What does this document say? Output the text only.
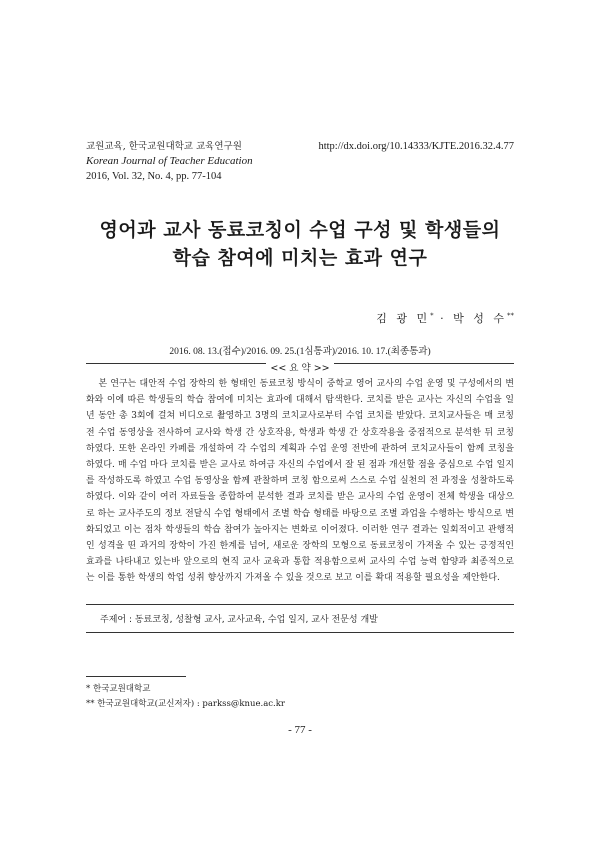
교원교육, 한국교원대학교 교육연구원
Korean Journal of Teacher Education
2016, Vol. 32, No. 4, pp. 77-104
http://dx.doi.org/10.14333/KJTE.2016.32.4.77
영어과 교사 동료코칭이 수업 구성 및 학생들의
학습 참여에 미치는 효과 연구
김 광 민* · 박 성 수**
2016. 08. 13.(접수)/2016. 09. 25.(1심통과)/2016. 10. 17.(최종통과)
<< 요 약 >>
본 연구는 대안적 수업 장학의 한 형태인 동료코칭 방식이 중학교 영어 교사의 수업 운영 및 구성에서의 변화와 이에 따른 학생들의 학습 참여에 미치는 효과에 대해서 탐색한다. 코치를 받은 교사는 자신의 수업을 일 년 동안 총 3회에 걸쳐 비디오로 촬영하고 3명의 코치교사로부터 수업 코치를 받았다. 코치교사들은 매 코칭 전 수업 동영상을 전사하여 교사와 학생 간 상호작용, 학생과 학생 간 상호작용을 중점적으로 분석한 뒤 코칭 하였다. 또한 온라인 카페를 개설하여 각 수업의 계획과 수업 운영 전반에 관하여 코치교사들이 함께 코칭을 하였다. 매 수업 마다 코치를 받은 교사로 하여금 자신의 수업에서 잘 된 점과 개선할 점을 중심으로 수업 일지를 작성하도록 하였고 수업 동영상을 함께 관찰하며 코칭 함으로써 스스로 수업 실천의 전 과정을 성찰하도록 하였다. 이와 같이 여러 자료들을 종합하여 분석한 결과 코치를 받은 교사의 수업 운영이 전체 학생을 대상으로 하는 교사주도의 정보 전달식 수업 형태에서 조별 학습 형태를 바탕으로 조별 과업을 수행하는 방식으로 변화되었고 이는 점차 학생들의 학습 참여가 높아지는 변화로 이어졌다. 이러한 연구 결과는 일회적이고 관행적인 성격을 띤 과거의 장학이 가진 한계를 넘어, 새로운 장학의 모형으로 동료코칭이 가져올 수 있는 긍정적인 효과를 나타내고 있는바 앞으로의 현직 교사 교육과 통합 적용함으로써 교사의 수업 능력 함양과 최종적으로는 이를 통한 학생의 학업 성취 향상까지 가져올 수 있을 것으로 보고 이를 확대 적용할 필요성을 제안한다.
주제어 : 동료코칭, 성찰형 교사, 교사교육, 수업 일지, 교사 전문성 개발
* 한국교원대학교
** 한국교원대학교(교신저자) : parkss@knue.ac.kr
- 77 -
